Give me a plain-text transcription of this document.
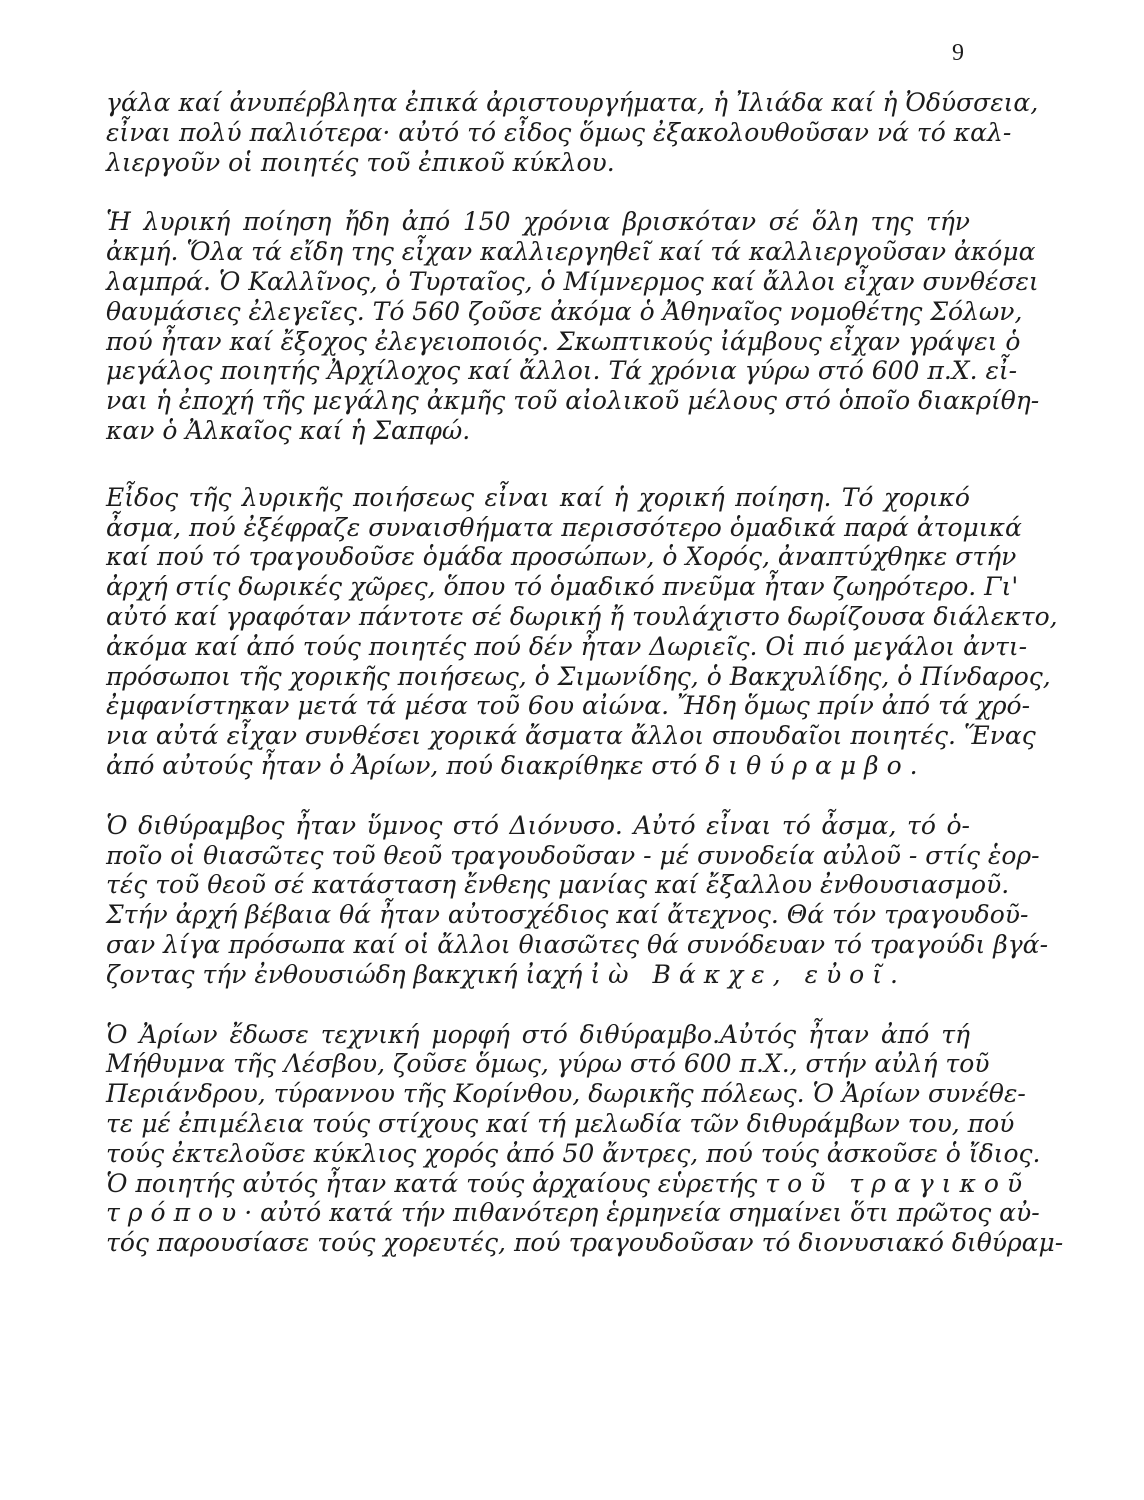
9
γάλα καί ἀνυπέρβλητα ἐπικά ἀριστουργήματα, ἡ Ἰλιάδα καί ἡ Ὀδύσσεια,
εἶναι πολύ παλιότερα· αὐτό τό εἶδος ὅμως ἐξακολουθοῦσαν νά τό καλ-
λιεργοῦν οἱ ποιητές τοῦ ἐπικοῦ κύκλου.
Ἡ λυρική ποίηση ἤδη ἀπό 150 χρόνια βρισκόταν σέ ὅλη της τήν
ἀκμή. Ὅλα τά εἴδη της εἶχαν καλλιεργηθεῖ καί τά καλλιεργοῦσαν ἀκόμα
λαμπρά. Ὁ Καλλῖνος, ὁ Τυρταῖος, ὁ Μίμνερμος καί ἄλλοι εἶχαν συνθέσει
θαυμάσιες ἐλεγεῖες. Τό 560 ζοῦσε ἀκόμα ὁ Ἀθηναῖος νομοθέτης Σόλων,
πού ἦταν καί ἔξοχος ἐλεγειοποιός. Σκωπτικούς ἰάμβους εἶχαν γράψει ὁ
μεγάλος ποιητής Ἀρχίλοχος καί ἄλλοι. Τά χρόνια γύρω στό 600 π.Χ. εἶ-
ναι ἡ ἐποχή τῆς μεγάλης ἀκμῆς τοῦ αἰολικοῦ μέλους στό ὁποῖο διακρίθη-
καν ὁ Ἀλκαῖος καί ἡ Σαπφώ.
Εἶδος τῆς λυρικῆς ποιήσεως εἶναι καί ἡ χορική ποίηση. Τό χορικό
ἆσμα, πού ἐξέφραζε συναισθήματα περισσότερο ὁμαδικά παρά ἀτομικά
καί πού τό τραγουδοῦσε ὁμάδα προσώπων, ὁ Χορός, ἀναπτύχθηκε στήν
ἀρχή στίς δωρικές χῶρες, ὅπου τό ὁμαδικό πνεῦμα ἦταν ζωηρότερο. Γι'
αὐτό καί γραφόταν πάντοτε σέ δωρική ἤ τουλάχιστο δωρίζουσα διάλεκτο,
ἀκόμα καί ἀπό τούς ποιητές πού δέν ἦταν Δωριεῖς. Οἱ πιό μεγάλοι ἀντι-
πρόσωποι τῆς χορικῆς ποιήσεως, ὁ Σιμωνίδης, ὁ Βακχυλίδης, ὁ Πίνδαρος,
ἐμφανίστηκαν μετά τά μέσα τοῦ 6ου αἰώνα. Ἤδη ὅμως πρίν ἀπό τά χρό-
νια αὐτά εἶχαν συνθέσει χορικά ἄσματα ἄλλοι σπουδαῖοι ποιητές. Ἕνας
ἀπό αὐτούς ἦταν ὁ Ἀρίων, πού διακρίθηκε στό διθύραμβο.
Ὁ διθύραμβος ἦταν ὕμνος στό Διόνυσο. Αὐτό εἶναι τό ἆσμα, τό ὁ-
ποῖο οἱ θιασῶτες τοῦ θεοῦ τραγουδοῦσαν - μέ συνοδεία αὐλοῦ - στίς ἑορ-
τές τοῦ θεοῦ σέ κατάσταση ἔνθεης μανίας καί ἔξαλλου ἐνθουσιασμοῦ.
Στήν ἀρχή βέβαια θά ἦταν αὐτοσχέδιος καί ἄτεχνος. Θά τόν τραγουδοῦ-
σαν λίγα πρόσωπα καί οἱ ἄλλοι θιασῶτες θά συνόδευαν τό τραγούδι βγά-
ζοντας τήν ἐνθουσιώδη βακχική ἰαχή ἰὼ Βάκχε, εὐοῖ.
Ὁ Ἀρίων ἔδωσε τεχνική μορφή στό διθύραμβο.Αὐτός ἦταν ἀπό τή
Μήθυμνα τῆς Λέσβου, ζοῦσε ὅμως, γύρω στό 600 π.Χ., στήν αὐλή τοῦ
Περιάνδρου, τύραννου τῆς Κορίνθου, δωρικῆς πόλεως. Ὁ Ἀρίων συνέθε-
τε μέ ἐπιμέλεια τούς στίχους καί τή μελωδία τῶν διθυράμβων του, πού
τούς ἐκτελοῦσε κύκλιος χορός ἀπό 50 ἄντρες, πού τούς ἀσκοῦσε ὁ ἴδιος.
Ὁ ποιητής αὐτός ἦταν κατά τούς ἀρχαίους εὑρετής τοῦ τραγικοῦ
τρόπου· αὐτό κατά τήν πιθανότερη ἑρμηνεία σημαίνει ὅτι πρῶτος αὐ-
τός παρουσίασε τούς χορευτές, πού τραγουδοῦσαν τό διονυσιακό διθύραμ-
